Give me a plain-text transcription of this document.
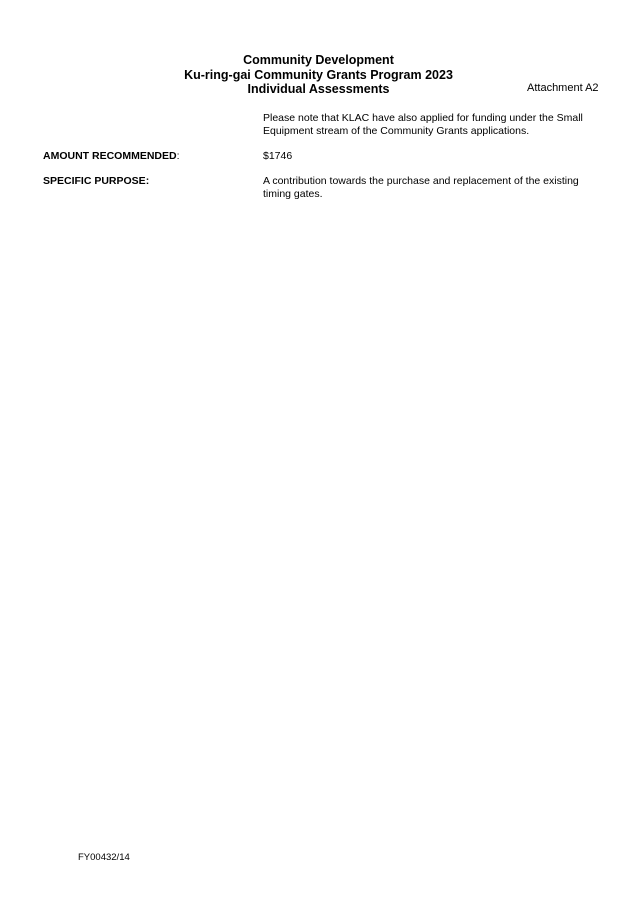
Community Development
Ku-ring-gai Community Grants Program 2023
Individual Assessments	Attachment A2
Please note that KLAC have also applied for funding under the Small Equipment stream of the Community Grants applications.
AMOUNT RECOMMENDED:	$1746
SPECIFIC PURPOSE:	A contribution towards the purchase and replacement of the existing timing gates.
FY00432/14
